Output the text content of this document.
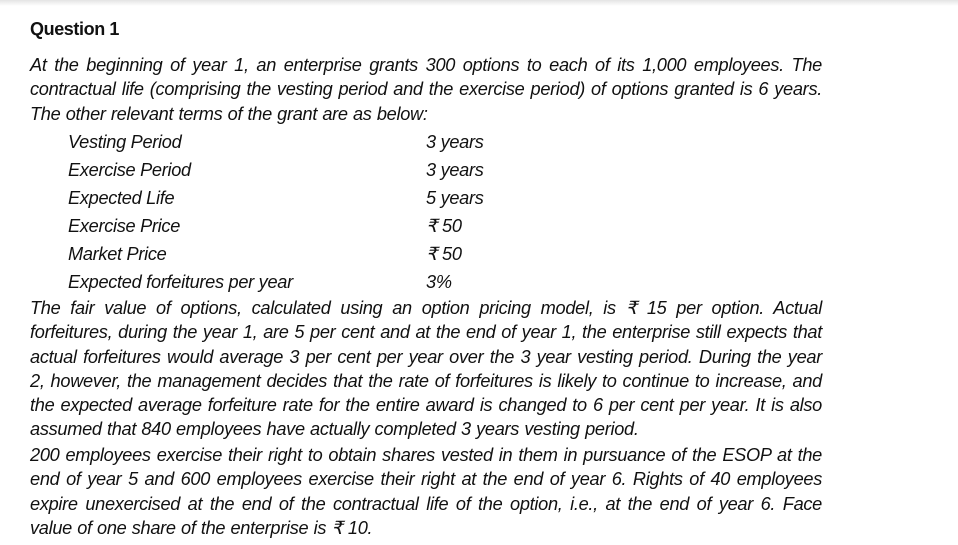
Question 1
At the beginning of year 1, an enterprise grants 300 options to each of its 1,000 employees. The contractual life (comprising the vesting period and the exercise period) of options granted is 6 years. The other relevant terms of the grant are as below:
Vesting Period	3 years
Exercise Period	3 years
Expected Life	5 years
Exercise Price	₹ 50
Market Price	₹ 50
Expected forfeitures per year	3%
The fair value of options, calculated using an option pricing model, is ₹ 15 per option. Actual forfeitures, during the year 1, are 5 per cent and at the end of year 1, the enterprise still expects that actual forfeitures would average 3 per cent per year over the 3 year vesting period. During the year 2, however, the management decides that the rate of forfeitures is likely to continue to increase, and the expected average forfeiture rate for the entire award is changed to 6 per cent per year. It is also assumed that 840 employees have actually completed 3 years vesting period.
200 employees exercise their right to obtain shares vested in them in pursuance of the ESOP at the end of year 5 and 600 employees exercise their right at the end of year 6. Rights of 40 employees expire unexercised at the end of the contractual life of the option, i.e., at the end of year 6. Face value of one share of the enterprise is ₹ 10.
